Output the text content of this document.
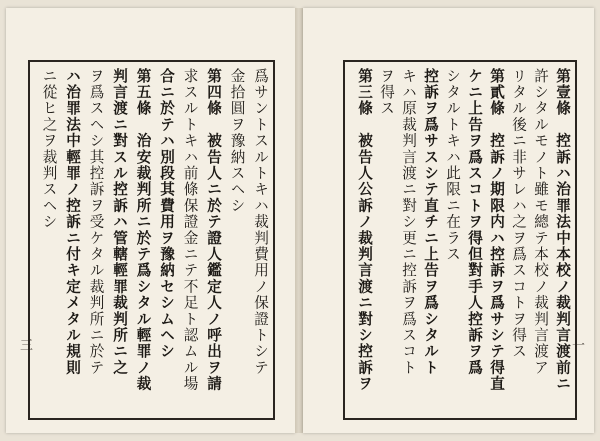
三	爲サントスルトキハ裁判費用ノ保證トシテ
金拾圓ヲ豫納スヘシ
第四條　被告人ニ於テ證人鑑定人ノ呼出ヲ請
求スルトキハ前條保證金ニテ不足ト認ムル場
合ニ於テハ別段其費用ヲ豫納セシムヘシ
第五條　治安裁判所ニ於テ爲シタル輕罪ノ裁
判言渡ニ對スル控訴ハ管轄輕罪裁判所ニ之
ヲ爲スヘシ其控訴ヲ受ケタル裁判所ニ於テ
ハ治罪法中輕罪ノ控訴ニ付キ定メタル規則
ニ從ヒ之ヲ裁判スヘシ
一
第壹條　控訴ハ治罪法中本校ノ裁判言渡前ニ
許シタルモノト雖モ總テ本校ノ裁判言渡ア
リタル後ニ非サレハ之ヲ爲スコトヲ得ス
第貳條　控訴ノ期限内ハ控訴ヲ爲サシテ得直
ケニ上告ヲ爲スコトヲ得但對手人控訴ヲ爲
シタルトキハ此限ニ在ラス
控訴ヲ爲サスシテ直チニ上告ヲ爲シタルト
キハ原裁判言渡ニ對シ更ニ控訴ヲ爲スコト
ヲ得ス
第三條　被告人公訴ノ裁判言渡ニ對シ控訴ヲ
